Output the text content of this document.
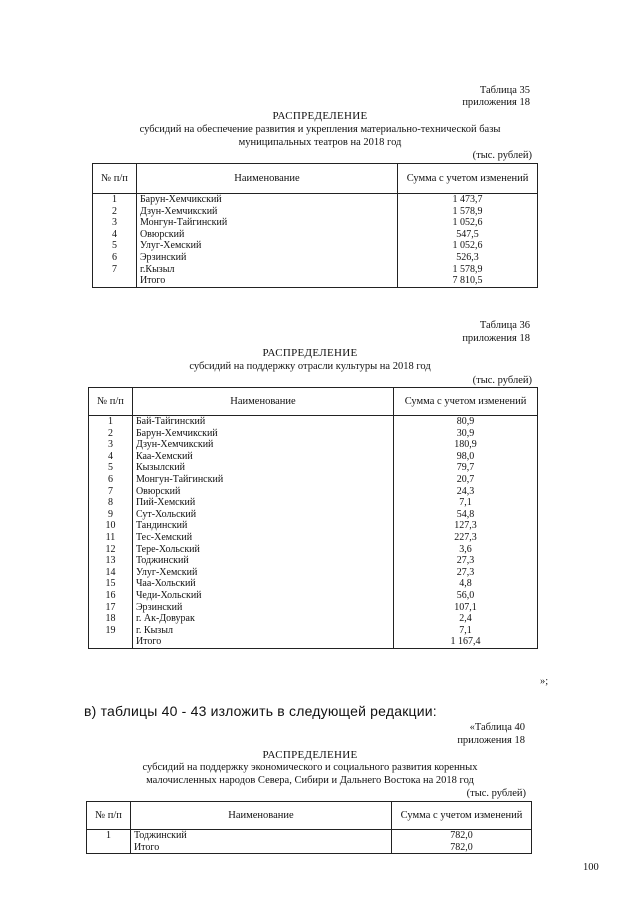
Таблица 35
приложения 18
РАСПРЕДЕЛЕНИЕ
субсидий на обеспечение развития и укрепления материально-технической базы
муниципальных театров на 2018 год
(тыс. рублей)
№ п/п	Наименование	Сумма с учетом изменений
1	Барун-Хемчикский	1 473,7
2	Дзун-Хемчикский	1 578,9
3	Монгун-Тайгинский	1 052,6
4	Овюрский	547,5
5	Улуг-Хемский	1 052,6
6	Эрзинский	526,3
7	г.Кызыл	1 578,9
	Итого	7 810,5
Таблица 36
приложения 18
РАСПРЕДЕЛЕНИЕ
субсидий на поддержку отрасли культуры на 2018 год
(тыс. рублей)
№ п/п	Наименование	Сумма с учетом изменений
1	Бай-Тайгинский	80,9
2	Барун-Хемчикский	30,9
3	Дзун-Хемчикский	180,9
4	Каа-Хемский	98,0
5	Кызылский	79,7
6	Монгун-Тайгинский	20,7
7	Овюрский	24,3
8	Пий-Хемский	7,1
9	Сут-Хольский	54,8
10	Тандинский	127,3
11	Тес-Хемский	227,3
12	Тере-Хольский	3,6
13	Тоджинский	27,3
14	Улуг-Хемский	27,3
15	Чаа-Хольский	4,8
16	Чеди-Хольский	56,0
17	Эрзинский	107,1
18	г. Ак-Довурак	2,4
19	г. Кызыл	7,1
	Итого	1 167,4
»;
в) таблицы 40 - 43 изложить в следующей редакции:
«Таблица 40
приложения 18
РАСПРЕДЕЛЕНИЕ
субсидий на поддержку экономического и социального развития коренных
малочисленных народов Севера, Сибири и Дальнего Востока на 2018 год
(тыс. рублей)
№ п/п	Наименование	Сумма с учетом изменений
1	Тоджинский	782,0
	Итого	782,0
100
